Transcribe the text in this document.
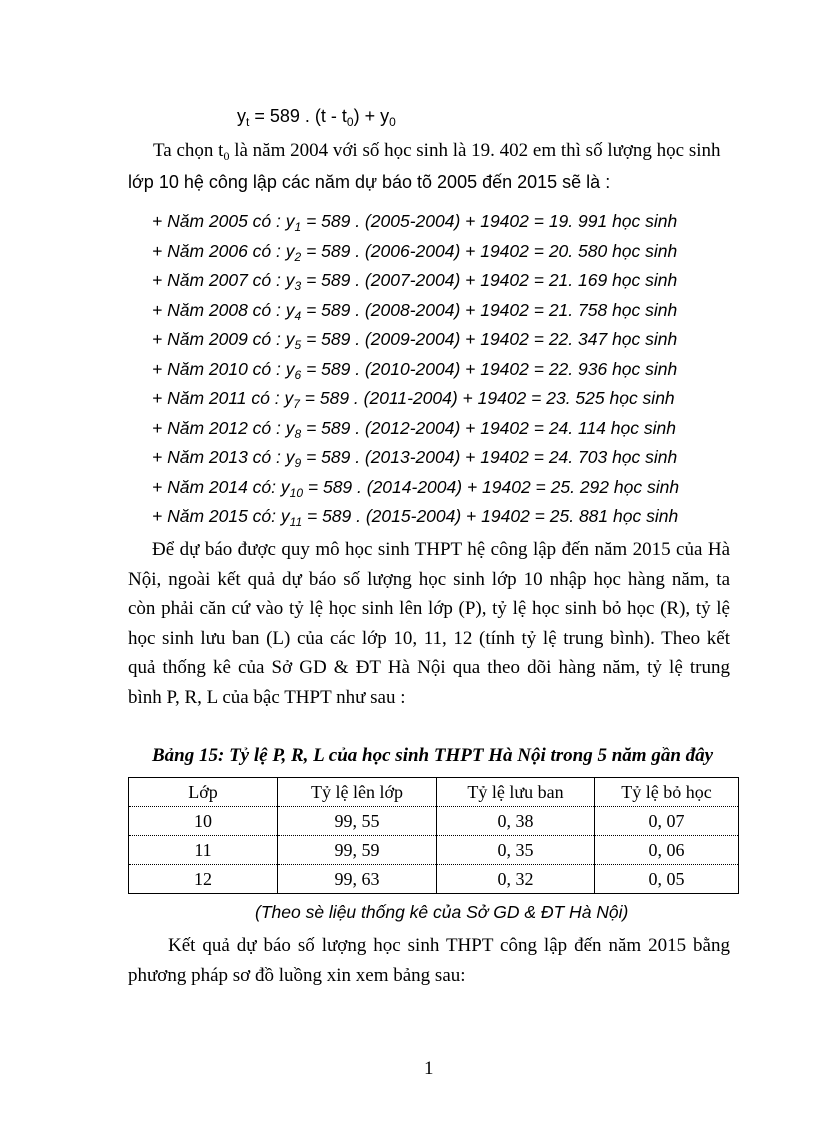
$y_t = 589$ . $(t - t_0) + y_0$
Ta chọn $t_0$ là năm 2004 với số học sinh là 19. 402 em thì số lượng học sinh
lớp 10 hệ công lập các năm dự báo tõ 2005 đến 2015 sẽ là :
+ Năm 2005 có : $y_1 = 589$ . (2005-2004) + 19402 = 19. 991 học sinh
+ Năm 2006 có : $y_2 = 589$ . (2006-2004) + 19402 = 20. 580 học sinh
+ Năm 2007 có : $y_3 = 589$ . (2007-2004) + 19402 = 21. 169 học sinh
+ Năm 2008 có : $y_4 = 589$ . (2008-2004) + 19402 = 21. 758 học sinh
+ Năm 2009 có : $y_5 = 589$ . (2009-2004) + 19402 = 22. 347 học sinh
+ Năm 2010 có : $y_6 = 589$ . (2010-2004) + 19402 = 22. 936 học sinh
+ Năm 2011 có : $y_7 = 589$ . (2011-2004) + 19402 = 23. 525 học sinh
+ Năm 2012 có : $y_8 = 589$ . (2012-2004) + 19402 = 24. 114 học sinh
+ Năm 2013 có : $y_9 = 589$ . (2013-2004) + 19402 = 24. 703 học sinh
+ Năm 2014 có: $y_{10} = 589$ . (2014-2004) + 19402 = 25. 292 học sinh
+ Năm 2015 có: $y_{11} = 589$ . (2015-2004) + 19402 = 25. 881 học sinh
Để dự báo được quy mô học sinh THPT hệ công lập đến năm 2015 của Hà
Nội, ngoài kết quả dự báo số lượng học sinh lớp 10 nhập học hàng năm, ta
còn phải căn cứ vào tỷ lệ học sinh lên lớp (P), tỷ lệ học sinh bỏ học (R), tỷ lệ
học sinh lưu ban (L) của các lớp 10, 11, 12 (tính tỷ lệ trung bình). Theo kết
quả thống kê của Sở GD & ĐT Hà Nội qua theo dõi hàng năm, tỷ lệ trung
bình P, R, L của bậc THPT như sau :
Bảng 15: Tỷ lệ P, R, L của học sinh THPT Hà Nội trong 5 năm gần đây
Lớp	Tỷ lệ lên lớp	Tỷ lệ lưu ban	Tỷ lệ bỏ học
10	99, 55	0, 38	0, 07
11	99, 59	0, 35	0, 06
12	99, 63	0, 32	0, 05
(Theo sè liệu thống kê của Sở GD & ĐT Hà Nội)
Kết quả dự báo số lượng học sinh THPT công lập đến năm 2015 bằng
phương pháp sơ đồ luồng xin xem bảng sau:
1
